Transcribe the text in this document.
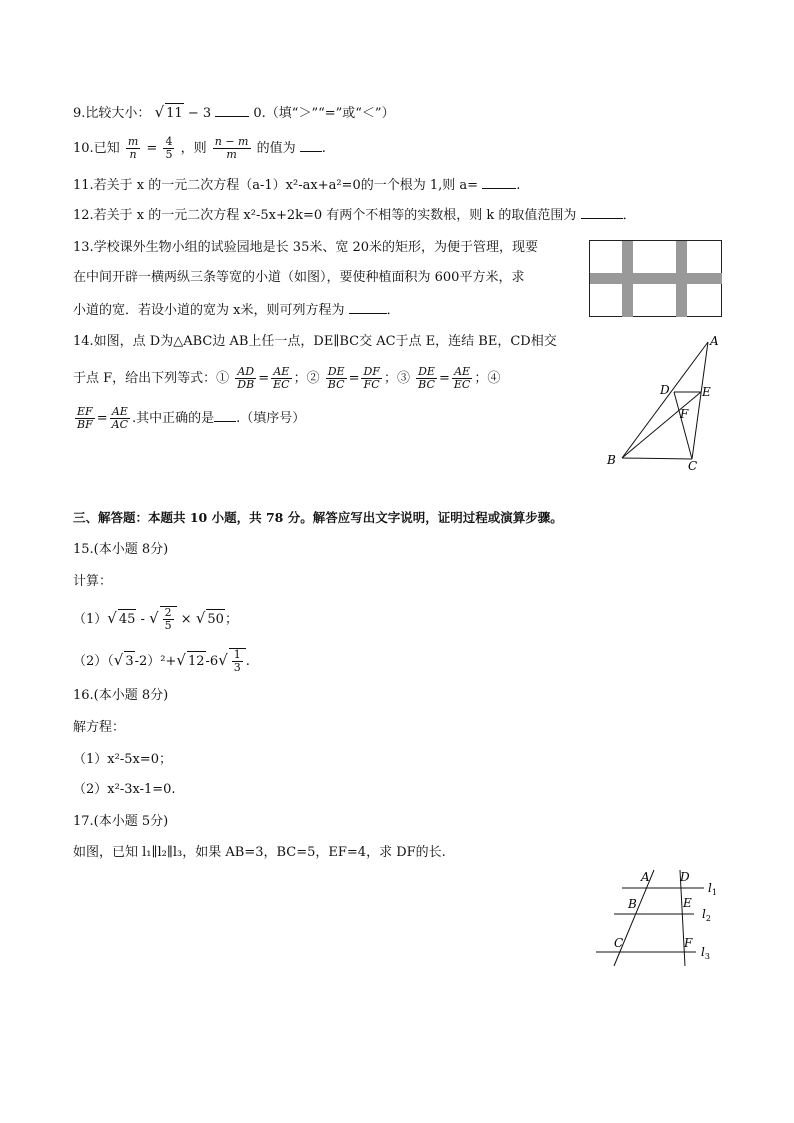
9.比较大小： √ 11 − 3	0.（填“＞”“=”或“＜”）
10.已知 $\frac{m}{n} = \frac{4}{5}$ ，则 $\frac{n - m}{m}$ 的值为 .
11.若关于 x 的一元二次方程（a-1）x²-ax+a²=0的一个根为 1,则 a=	.
12.若关于 x 的一元二次方程 x²-5x+2k=0 有两个不相等的实数根，则 k 的取值范围为	．
13.学校课外生物小组的试验园地是长 35米、宽 20米的矩形，为便于管理，现要
在中间开辟一横两纵三条等宽的小道（如图），要使种植面积为 600平方米，求
小道的宽．若设小道的宽为 x米，则可列方程为	．
14.如图，点 D为△ABC边 AB上任一点，DE∥BC交 AC于点 E，连结 BE，CD相交
于点 F，给出下列等式：① $\frac{AD}{DB} = \frac{AE}{EC}$ ；② $\frac{DE}{BC} = \frac{DF}{FC}$ ；③ $\frac{DE}{BC} = \frac{AE}{EC}$ ；④
$\frac{EF}{BF} = \frac{AE}{AC}$ .其中正确的是 .（填序号）
A
D	E
F
B	C
三、解答题：本题共 10 小题，共 78 分。解答应写出文字说明，证明过程或演算步骤。
15.(本小题 8分)
计算：
（1）√ 45 - √ $\frac{2}{5}$ × √ 50；
（2）（√ 3-2）²+√ $12-6√ \frac{1}{3}$ .
16.(本小题 8分)
解方程：
（1）x²-5x=0；
（2）x²-3x-1=0.
17.(本小题 5分)
如图，已知 l₁∥l₂∥l₃，如果 AB=3，BC=5，EF=4，求 DF的长.
A	D
B	E
C	F
$l_1$
$l_2$
$l_3$
